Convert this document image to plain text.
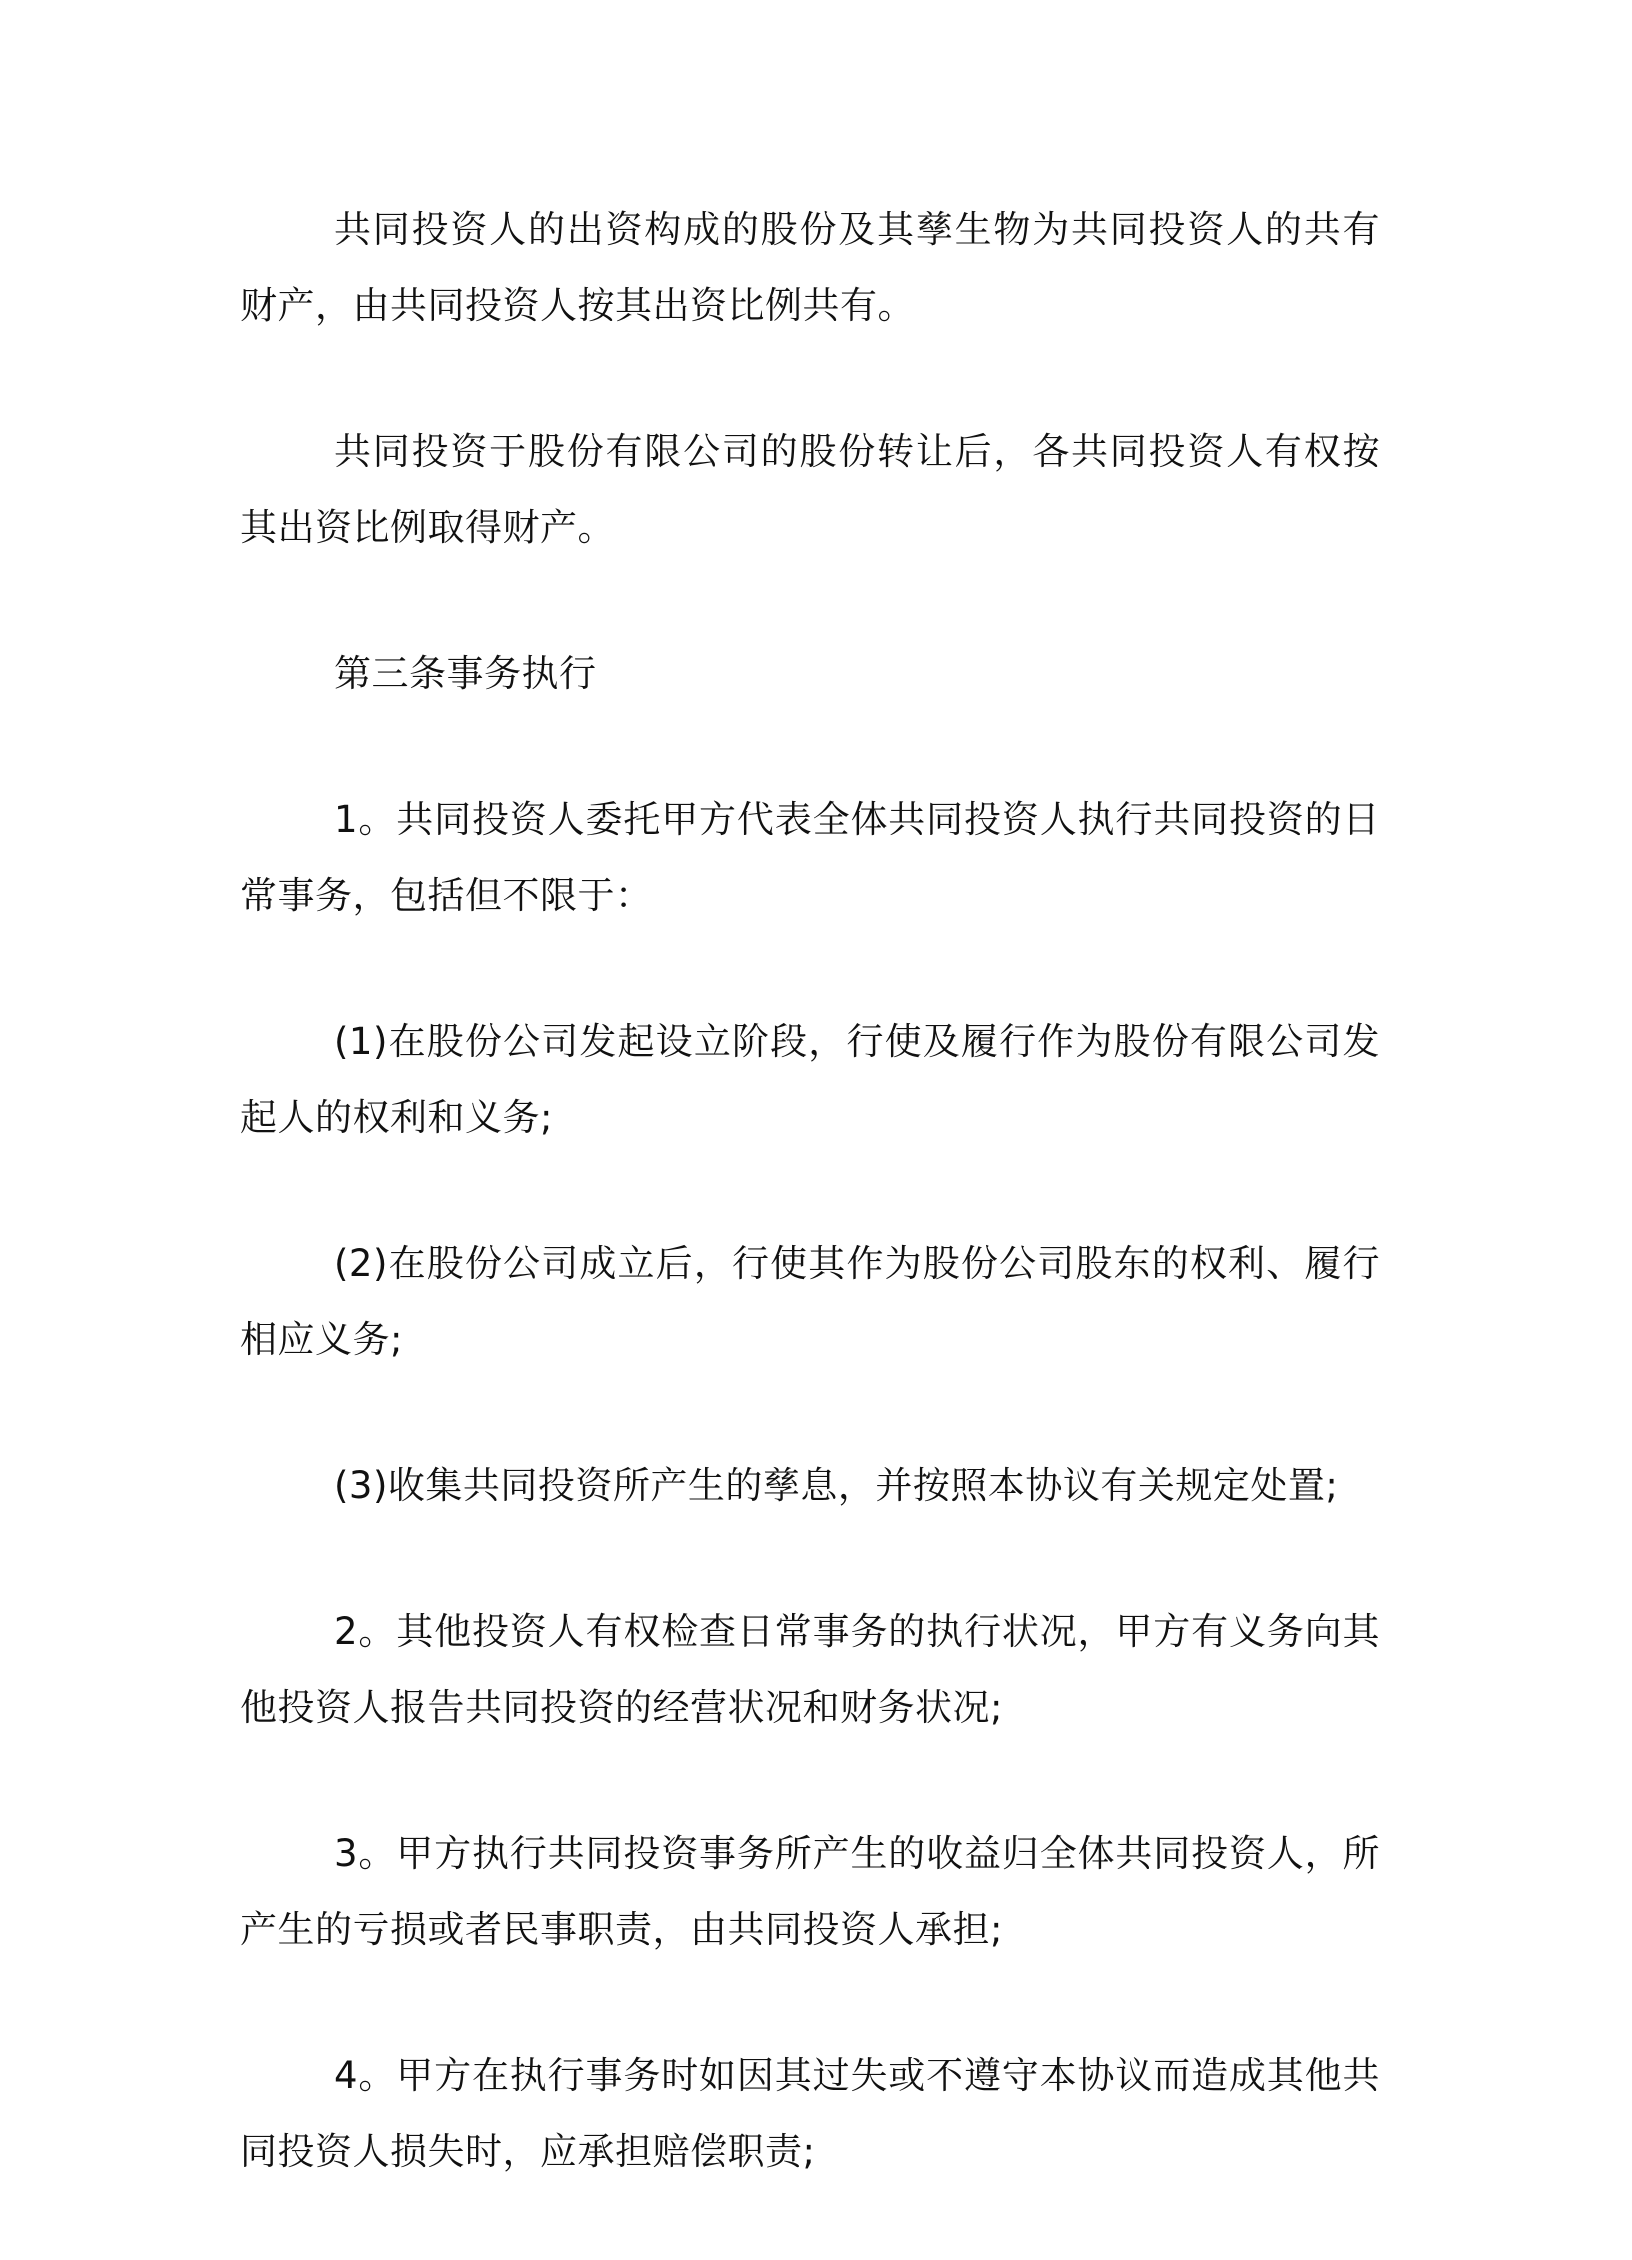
共同投资人的出资构成的股份及其孳生物为共同投资人的共有财产，由共同投资人按其出资比例共有。

共同投资于股份有限公司的股份转让后，各共同投资人有权按其出资比例取得财产。

第三条事务执行

1。共同投资人委托甲方代表全体共同投资人执行共同投资的日常事务，包括但不限于：

(1)在股份公司发起设立阶段，行使及履行作为股份有限公司发起人的权利和义务;

(2)在股份公司成立后，行使其作为股份公司股东的权利、履行相应义务;

(3)收集共同投资所产生的孳息，并按照本协议有关规定处置;

2。其他投资人有权检查日常事务的执行状况，甲方有义务向其他投资人报告共同投资的经营状况和财务状况;

3。甲方执行共同投资事务所产生的收益归全体共同投资人，所产生的亏损或者民事职责，由共同投资人承担;

4。甲方在执行事务时如因其过失或不遵守本协议而造成其他共同投资人损失时，应承担赔偿职责;
